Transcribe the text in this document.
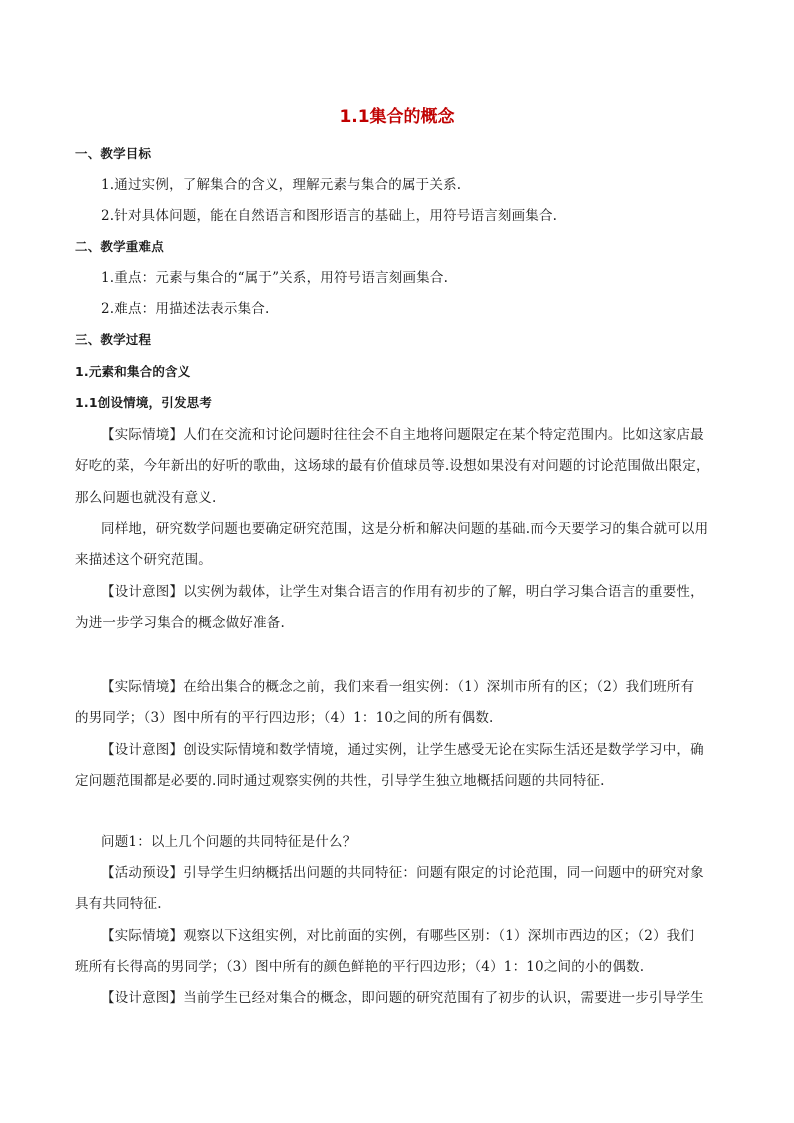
1.1集合的概念
一、教学目标
1.通过实例，了解集合的含义，理解元素与集合的属于关系.
2.针对具体问题，能在自然语言和图形语言的基础上，用符号语言刻画集合.
二、教学重难点
1.重点：元素与集合的“属于”关系，用符号语言刻画集合.
2.难点：用描述法表示集合.
三、教学过程
1.元素和集合的含义
1.1创设情境，引发思考
【实际情境】人们在交流和讨论问题时往往会不自主地将问题限定在某个特定范围内。比如这家店最
好吃的菜，今年新出的好听的歌曲，这场球的最有价值球员等.设想如果没有对问题的讨论范围做出限定，
那么问题也就没有意义.
同样地，研究数学问题也要确定研究范围，这是分析和解决问题的基础.而今天要学习的集合就可以用
来描述这个研究范围。
【设计意图】以实例为载体，让学生对集合语言的作用有初步的了解，明白学习集合语言的重要性，
为进一步学习集合的概念做好准备.
【实际情境】在给出集合的概念之前，我们来看一组实例：（1）深圳市所有的区；（2）我们班所有
的男同学；（3）图中所有的平行四边形；（4）1：10之间的所有偶数.
【设计意图】创设实际情境和数学情境，通过实例，让学生感受无论在实际生活还是数学学习中，确
定问题范围都是必要的.同时通过观察实例的共性，引导学生独立地概括问题的共同特征.
问题1：以上几个问题的共同特征是什么？
【活动预设】引导学生归纳概括出问题的共同特征：问题有限定的讨论范围，同一问题中的研究对象
具有共同特征.
【实际情境】观察以下这组实例，对比前面的实例，有哪些区别：（1）深圳市西边的区；（2）我们
班所有长得高的男同学；（3）图中所有的颜色鲜艳的平行四边形；（4）1：10之间的小的偶数.
【设计意图】当前学生已经对集合的概念，即问题的研究范围有了初步的认识，需要进一步引导学生
